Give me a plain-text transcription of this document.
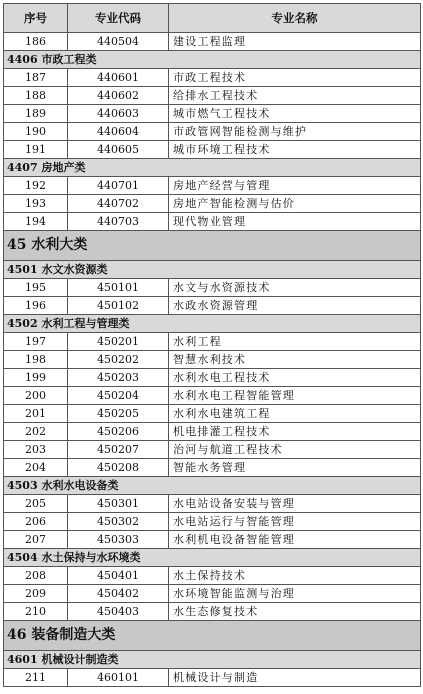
序号	专业代码	专业名称
186	440504	建设工程监理
4406 市政工程类		
187	440601	市政工程技术
188	440602	给排水工程技术
189	440603	城市燃气工程技术
190	440604	市政管网智能检测与维护
191	440605	城市环境工程技术
4407 房地产类		
192	440701	房地产经营与管理
193	440702	房地产智能检测与估价
194	440703	现代物业管理
45 水利大类		
4501 水文水资源类		
195	450101	水文与水资源技术
196	450102	水政水资源管理
4502 水利工程与管理类		
197	450201	水利工程
198	450202	智慧水利技术
199	450203	水利水电工程技术
200	450204	水利水电工程智能管理
201	450205	水利水电建筑工程
202	450206	机电排灌工程技术
203	450207	治河与航道工程技术
204	450208	智能水务管理
4503 水利水电设备类		
205	450301	水电站设备安装与管理
206	450302	水电站运行与智能管理
207	450303	水利机电设备智能管理
4504 水土保持与水环境类		
208	450401	水土保持技术
209	450402	水环境智能监测与治理
210	450403	水生态修复技术
46 装备制造大类		
4601 机械设计制造类		
211	460101	机械设计与制造
